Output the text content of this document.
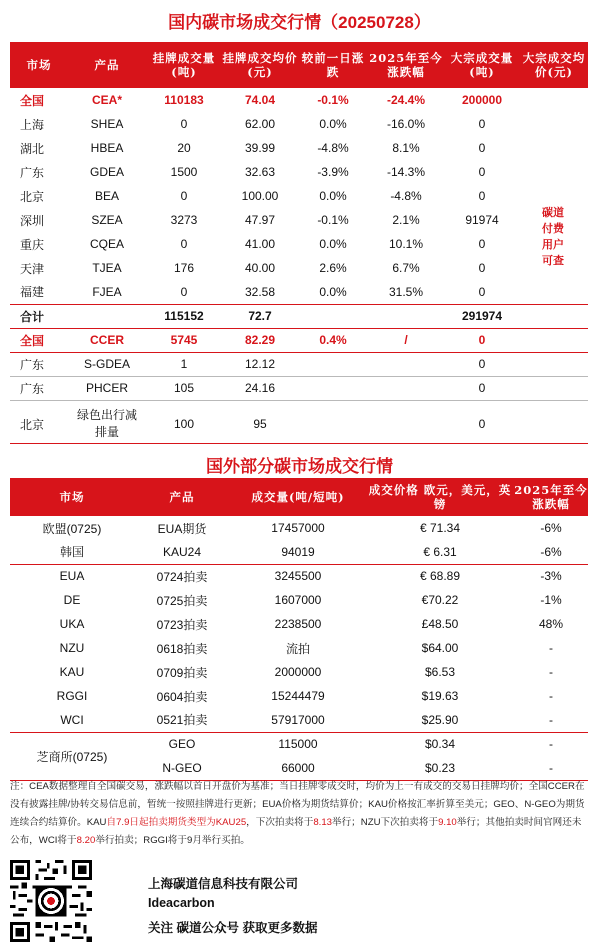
国内碳市场成交行情（20250728）
市场	产品	挂牌成交量(吨)	挂牌成交均价(元)	较前一日涨跌	2025年至今涨跌幅	大宗成交量(吨)	大宗成交均价(元)
全国	CEA*	110183	74.04	-0.1%	-24.4%	200000	
上海	SHEA	0	62.00	0.0%	-16.0%	0	
湖北	HBEA	20	39.99	-4.8%	8.1%	0	
广东	GDEA	1500	32.63	-3.9%	-14.3%	0	
北京	BEA	0	100.00	0.0%	-4.8%	0	
深圳	SZEA	3273	47.97	-0.1%	2.1%	91974	
重庆	CQEA	0	41.00	0.0%	10.1%	0	
天津	TJEA	176	40.00	2.6%	6.7%	0	
福建	FJEA	0	32.58	0.0%	31.5%	0	
合计		115152	72.7			291974	
全国	CCER	5745	82.29	0.4%	/	0	
广东	S-GDEA	1	12.12			0	
广东	PHCER	105	24.16			0	
北京	绿色出行减排量	100	95			0	
碳道付费用户可查
国外部分碳市场成交行情
市场	产品	成交量(吨/短吨)	成交价格 欧元，美元，英镑	2025年至今涨跌幅
欧盟(0725)	EUA期货	17457000	€ 71.34	-6%
韩国	KAU24	94019	€ 6.31	-6%
EUA	0724拍卖	3245500	€ 68.89	-3%
DE	0725拍卖	1607000	€70.22	-1%
UKA	0723拍卖	2238500	£48.50	48%
NZU	0618拍卖	流拍	$64.00	-
KAU	0709拍卖	2000000	$6.53	-
RGGI	0604拍卖	15244479	$19.63	-
WCI	0521拍卖	57917000	$25.90	-
芝商所(0725)	GEO	115000	$0.34	-
	N-GEO	66000	$0.23	-
注：CEA数据整理自全国碳交易，涨跌幅以首日开盘价为基准；当日挂牌零成交时，均价为上一有成交的交易日挂牌均价；全国CCER在没有披露挂牌/协转交易信息前，暂统一按照挂牌进行更新；EUA价格为期货结算价；KAU价格按汇率折算至美元；GEO、N-GEO为期货连续合约结算价。KAU自7.9日起拍卖期货类型为KAU25，下次拍卖将于8.13举行；NZU下次拍卖将于9.10举行；其他拍卖时间官网还未公布，WCI将于8.20举行拍卖；RGGI将于9月举行买拍。
上海碳道信息科技有限公司
Ideacarbon
关注 碳道公众号 获取更多数据
